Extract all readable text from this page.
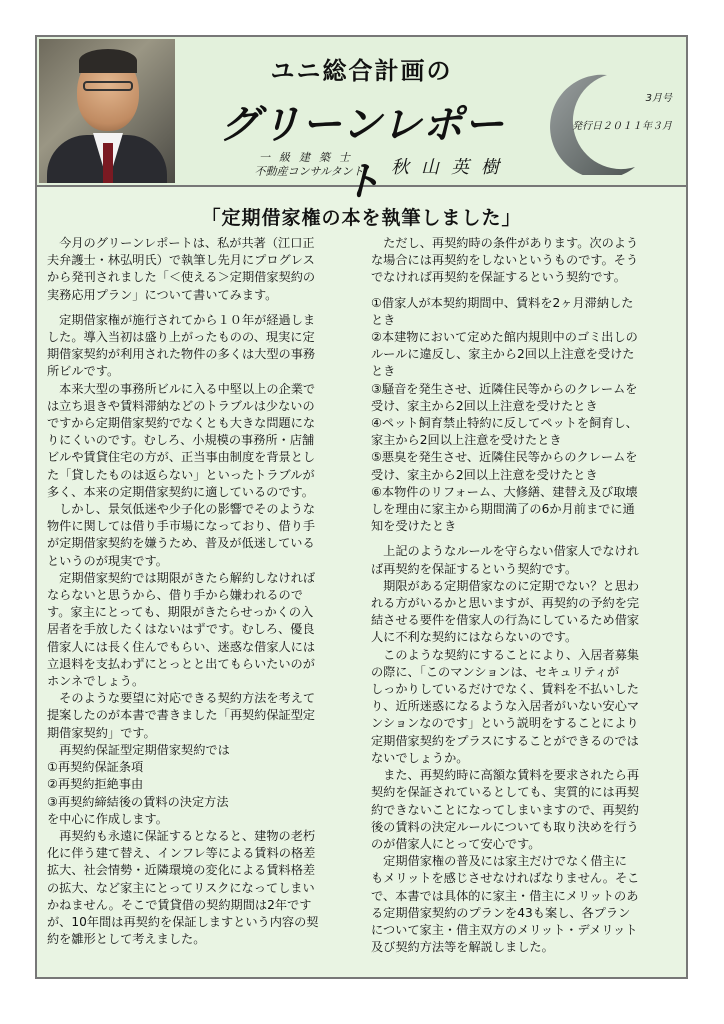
ユニ総合計画の
グリーンレポート
3月号
発行日２０１１年３月
一級建築士
不動産コンサルタント	秋山英樹
「定期借家権の本を執筆しました」

　今月のグリーンレポートは、私が共著（江口正
夫弁護士・林弘明氏）で執筆し先月にプログレス
から発刊されました「＜使える＞定期借家契約の
実務応用プラン」について書いてみます。

　定期借家権が施行されてから１０年が経過しま
した。導入当初は盛り上がったものの、現実に定
期借家契約が利用された物件の多くは大型の事務
所ビルです。
　本来大型の事務所ビルに入る中堅以上の企業で
は立ち退きや賃料滞納などのトラブルは少ないの
ですから定期借家契約でなくとも大きな問題にな
りにくいのです。むしろ、小規模の事務所・店舗
ビルや賃貸住宅の方が、正当事由制度を背景とし
た「貸したものは返らない」といったトラブルが
多く、本来の定期借家契約に適しているのです。
　しかし、景気低迷や少子化の影響でそのような
物件に関しては借り手市場になっており、借り手
が定期借家契約を嫌うため、普及が低迷している
というのが現実です。
　定期借家契約では期限がきたら解約しなければ
ならないと思うから、借り手から嫌われるので
す。家主にとっても、期限がきたらせっかくの入
居者を手放したくはないはずです。むしろ、優良
借家人には長く住んでもらい、迷惑な借家人には
立退料を支払わずにとっとと出てもらいたいのが
ホンネでしょう。
　そのような要望に対応できる契約方法を考えて
提案したのが本書で書きました「再契約保証型定
期借家契約」です。
　再契約保証型定期借家契約では
①再契約保証条項
②再契約拒絶事由
③再契約締結後の賃料の決定方法
を中心に作成します。
　再契約も永遠に保証するとなると、建物の老朽
化に伴う建て替え、インフレ等による賃料の格差
拡大、社会情勢・近隣環境の変化による賃料格差
の拡大、など家主にとってリスクになってしまい
かねません。そこで賃貸借の契約期間は2年です
が、10年間は再契約を保証しますという内容の契
約を雛形として考えました。

　ただし、再契約時の条件があります。次のよう
な場合には再契約をしないというものです。そう
でなければ再契約を保証するという契約です。

①借家人が本契約期間中、賃料を2ヶ月滞納した
とき
②本建物において定めた館内規則中のゴミ出しの
ルールに違反し、家主から2回以上注意を受けた
とき
③騒音を発生させ、近隣住民等からのクレームを
受け、家主から2回以上注意を受けたとき
④ペット飼育禁止特約に反してペットを飼育し、
家主から2回以上注意を受けたとき
⑤悪臭を発生させ、近隣住民等からのクレームを
受け、家主から2回以上注意を受けたとき
⑥本物件のリフォーム、大修繕、建替え及び取壊
しを理由に家主から期間満了の6か月前までに通
知を受けたとき

　上記のようなルールを守らない借家人でなけれ
ば再契約を保証するという契約です。
　期限がある定期借家なのに定期でない？と思わ
れる方がいるかと思いますが、再契約の予約を完
結させる要件を借家人の行為にしているため借家
人に不利な契約にはならないのです。
　このような契約にすることにより、入居者募集
の際に、「このマンションは、セキュリティが
しっかりしているだけでなく、賃料を不払いした
り、近所迷惑になるような入居者がいない安心マ
ンションなのです」という説明をすることにより
定期借家契約をプラスにすることができるのでは
ないでしょうか。
　また、再契約時に高額な賃料を要求されたら再
契約を保証されているとしても、実質的には再契
約できないことになってしまいますので、再契約
後の賃料の決定ルールについても取り決めを行う
のが借家人にとって安心です。
　定期借家権の普及には家主だけでなく借主に
もメリットを感じさせなければなりません。そこ
で、本書では具体的に家主・借主にメリットのあ
る定期借家契約のプランを43も案し、各プラン
について家主・借主双方のメリット・デメリット
及び契約方法等を解説しました。
